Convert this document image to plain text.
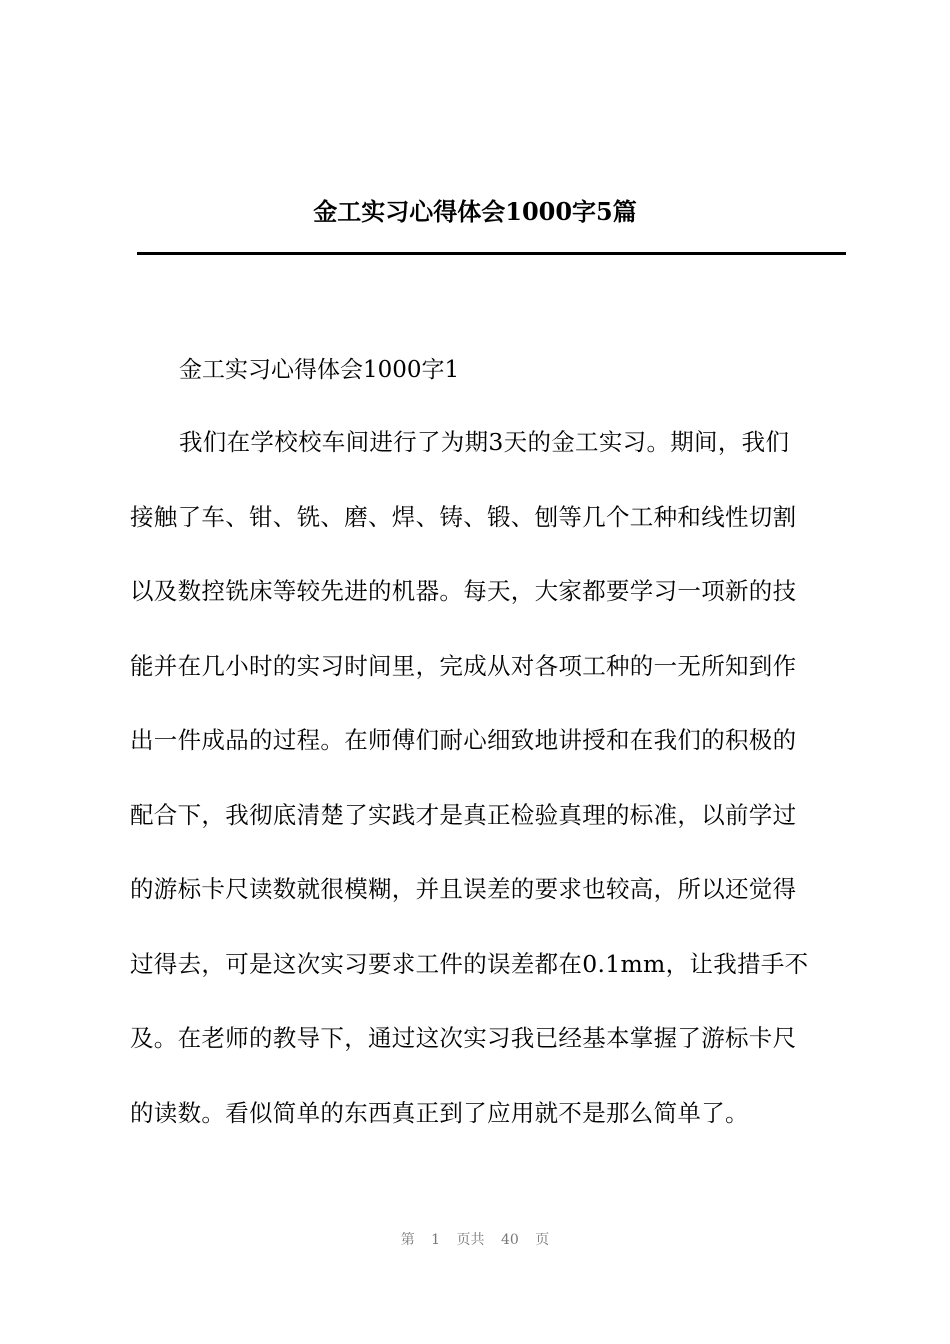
金工实习心得体会1000字5篇
金工实习心得体会1000字1
我们在学校校车间进行了为期3天的金工实习。期间，我们
接触了车、钳、铣、磨、焊、铸、锻、刨等几个工种和线性切割
以及数控铣床等较先进的机器。每天，大家都要学习一项新的技
能并在几小时的实习时间里，完成从对各项工种的一无所知到作
出一件成品的过程。在师傅们耐心细致地讲授和在我们的积极的
配合下，我彻底清楚了实践才是真正检验真理的标准，以前学过
的游标卡尺读数就很模糊，并且误差的要求也较高，所以还觉得
过得去，可是这次实习要求工件的误差都在0.1mm，让我措手不
及。在老师的教导下，通过这次实习我已经基本掌握了游标卡尺
的读数。看似简单的东西真正到了应用就不是那么简单了。
第 1 页共 40 页
